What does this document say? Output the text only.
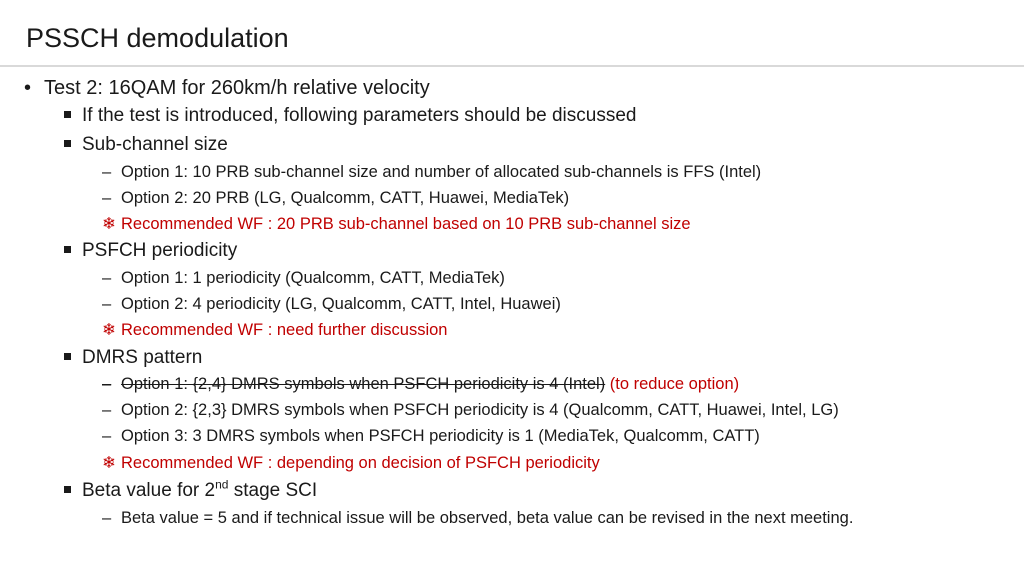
PSSCH demodulation
• Test 2: 16QAM for 260km/h relative velocity
If the test is introduced, following parameters should be discussed
Sub-channel size
– Option 1: 10 PRB sub-channel size and number of allocated sub-channels is FFS (Intel)
– Option 2: 20 PRB (LG, Qualcomm, CATT, Huawei, MediaTek)
❄ Recommended WF : 20 PRB sub-channel based on 10 PRB sub-channel size
PSFCH periodicity
– Option 1: 1 periodicity (Qualcomm, CATT, MediaTek)
– Option 2: 4 periodicity (LG, Qualcomm, CATT, Intel, Huawei)
❄ Recommended WF : need further discussion
DMRS pattern
– Option 1: {2,4} DMRS symbols when PSFCH periodicity is 4 (Intel) (to reduce option)
– Option 2: {2,3} DMRS symbols when PSFCH periodicity is 4 (Qualcomm, CATT, Huawei, Intel, LG)
– Option 3: 3 DMRS symbols when PSFCH periodicity is 1 (MediaTek, Qualcomm, CATT)
❄ Recommended WF : depending on decision of PSFCH periodicity
Beta value for 2nd stage SCI
– Beta value = 5 and if technical issue will be observed, beta value can be revised in the next meeting.
